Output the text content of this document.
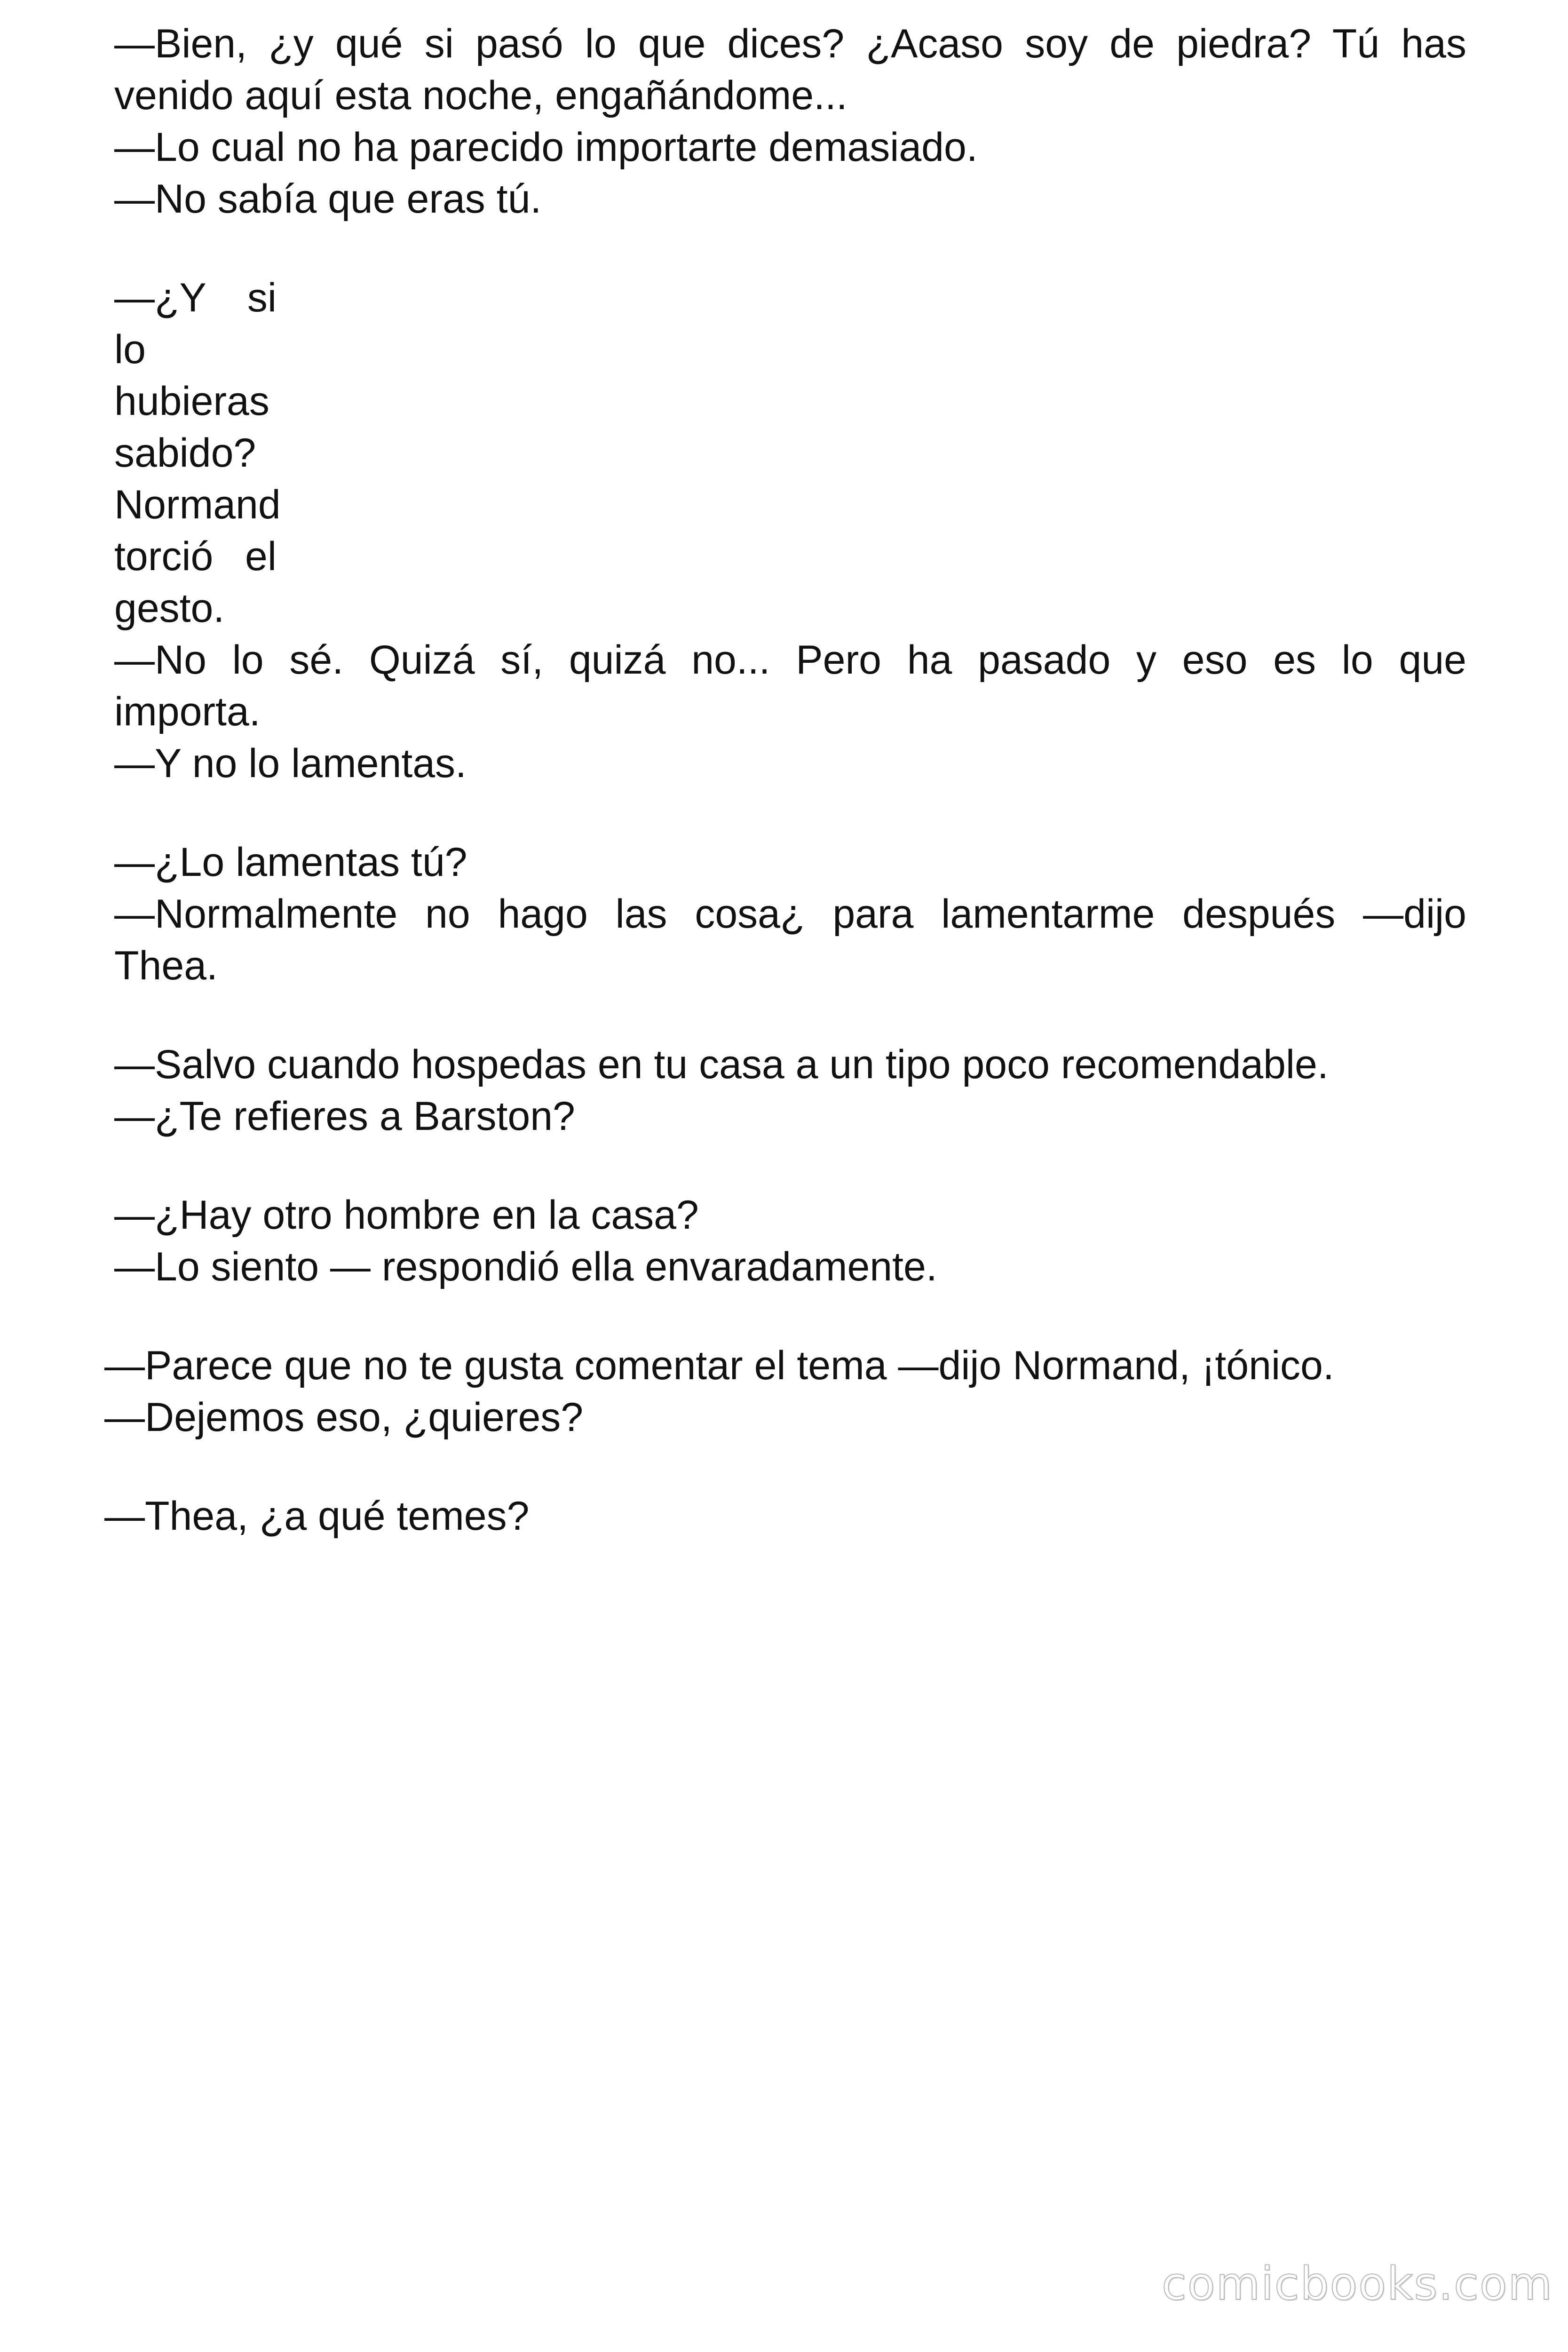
—Bien, ¿y qué si pasó lo que dices? ¿Acaso soy de piedra? Tú has

venido aquí esta noche, engañándome...

—Lo cual no ha parecido importarte demasiado.

—No sabía que eras tú.

—¿Y si

lo

hubieras

sabido?

Normand

torció el

gesto.

—No lo sé. Quizá sí, quizá no... Pero ha pasado y eso es lo que

importa.

—Y no lo lamentas.

—¿Lo lamentas tú?

—Normalmente no hago las cosa¿ para lamentarme después —dijo

Thea.

—Salvo cuando hospedas en tu casa a un tipo poco recomendable.

—¿Te refieres a Barston?

—¿Hay otro hombre en la casa?

—Lo siento — respondió ella envaradamente.

—Parece que no te gusta comentar el tema —dijo Normand, ¡tónico.

—Dejemos eso, ¿quieres?

—Thea, ¿a qué temes?

comicbooks.com
